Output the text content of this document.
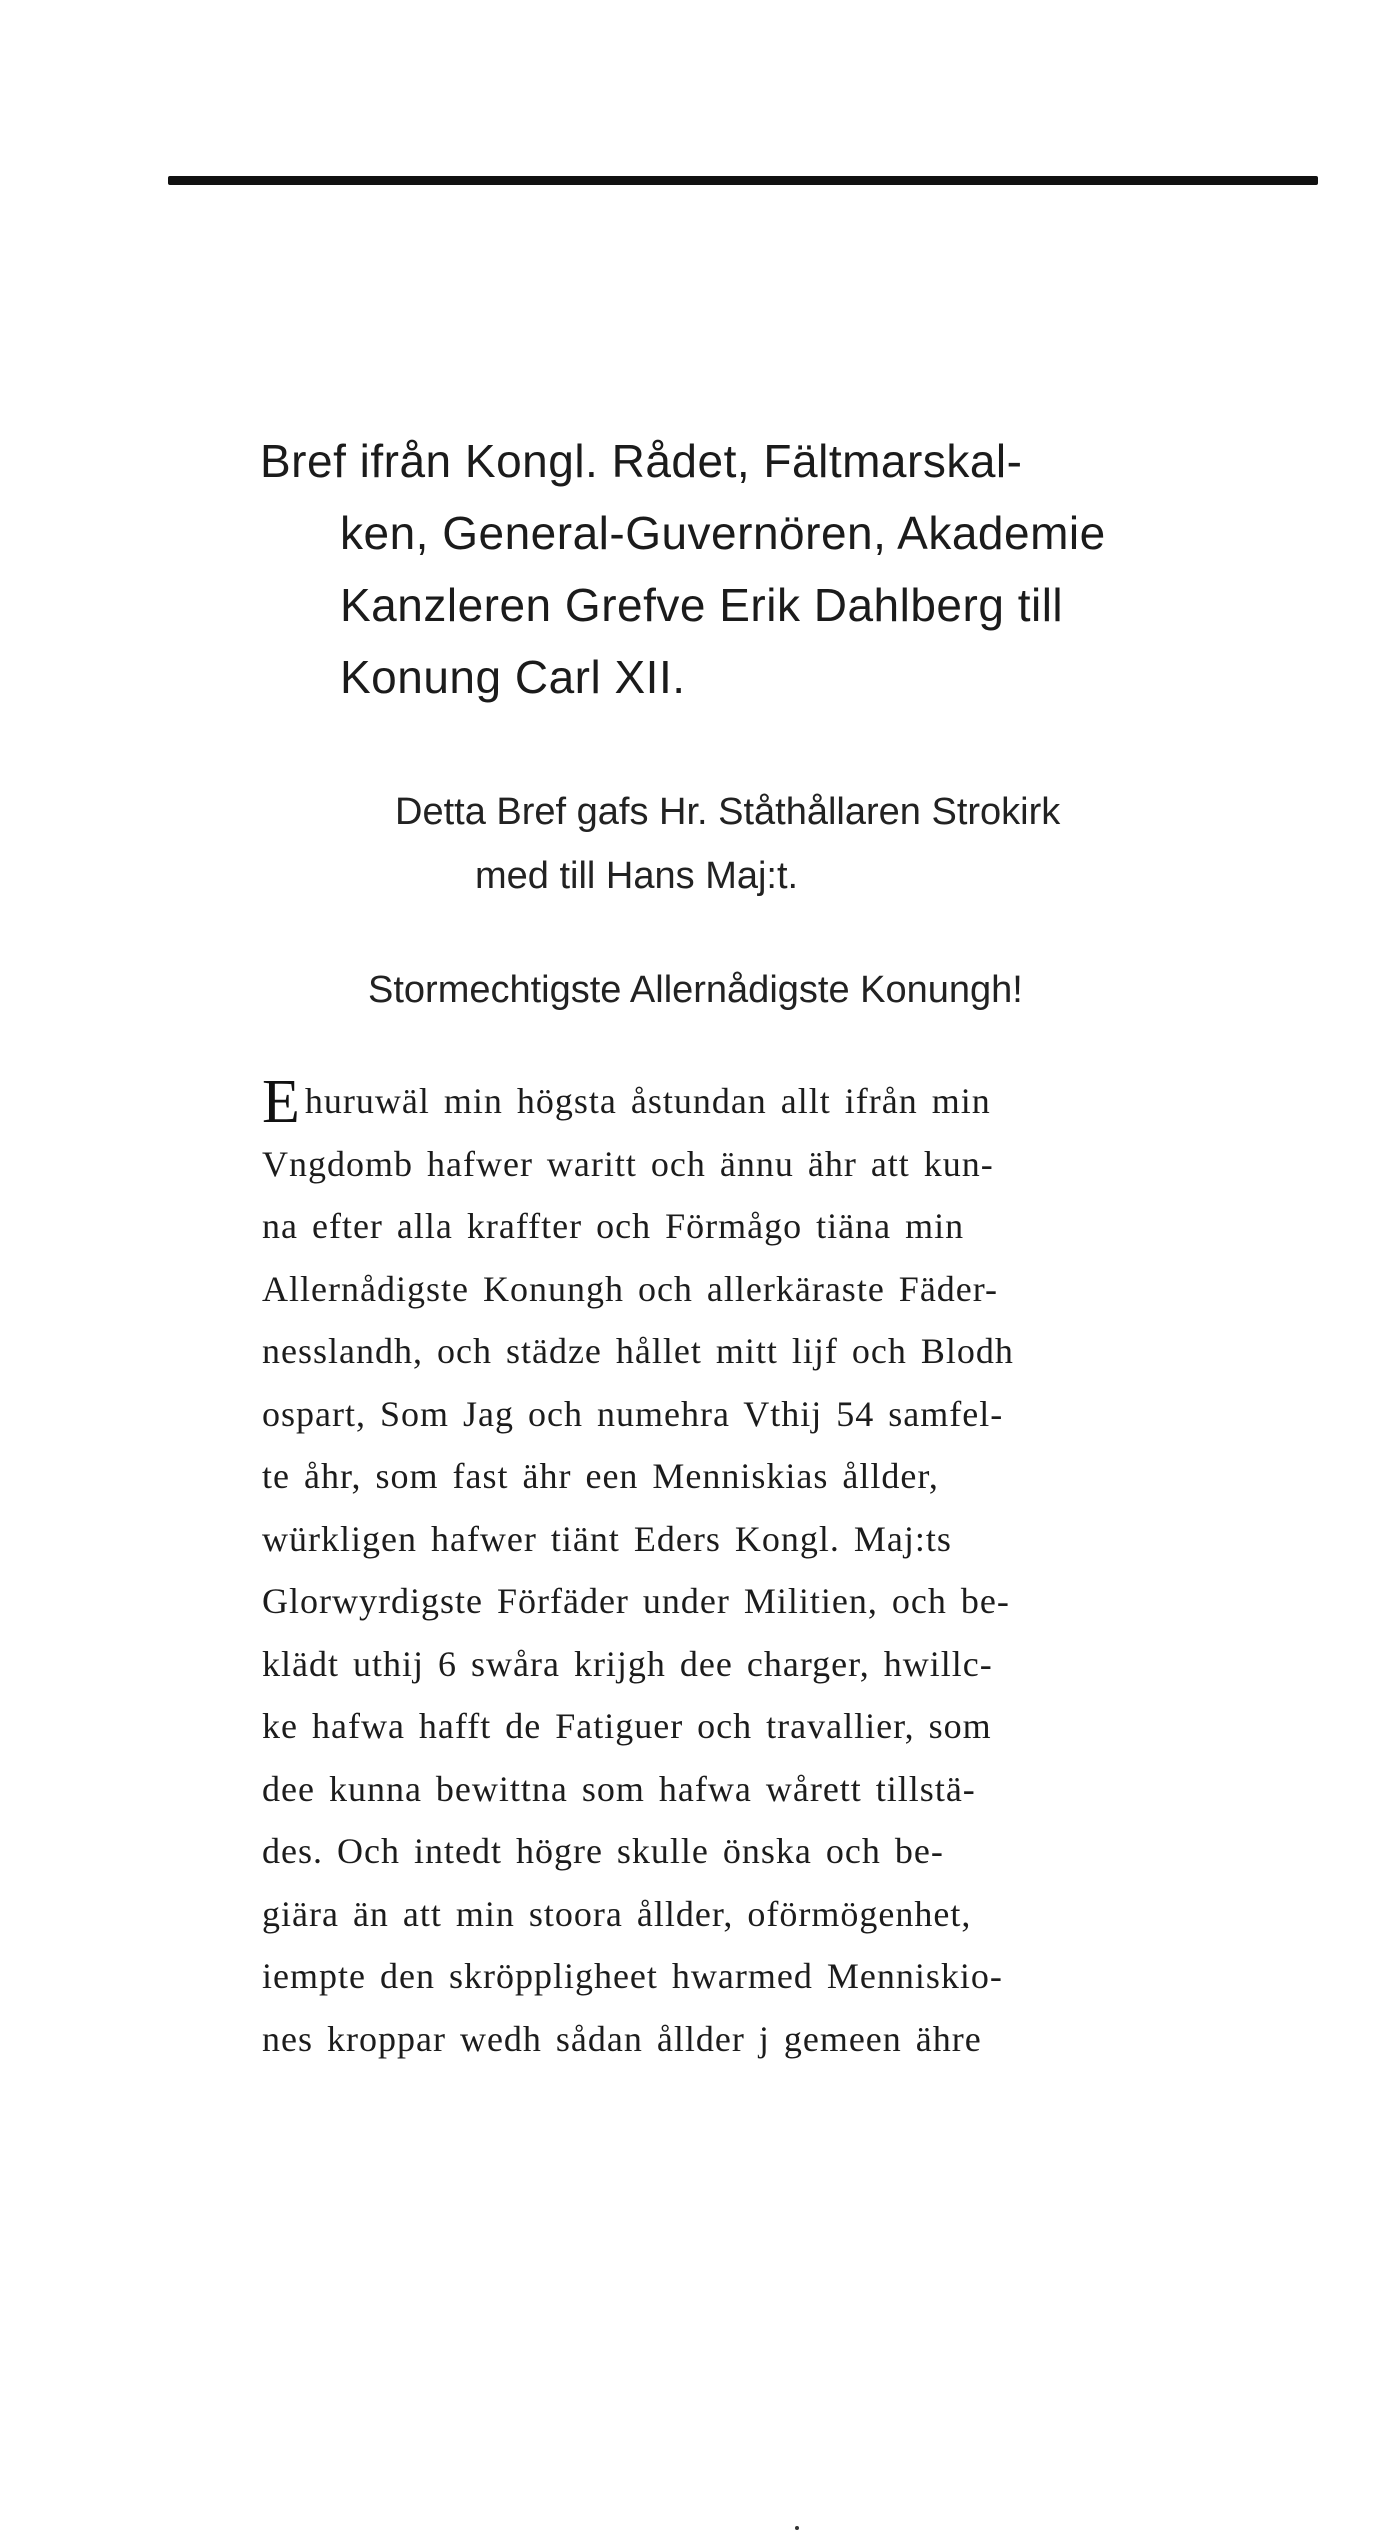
Bref ifrån Kongl. Rådet, Fältmarskal-
ken, General-Guvernören, Akademie
Kanzleren Grefve Erik Dahlberg till
Konung Carl XII.
Detta Bref gafs Hr. Ståthållaren Strokirk
med till Hans Maj:t.
Stormechtigste Allernådigste Konungh!
E huruwäl min högsta åstundan allt ifrån min
Vngdomb hafwer waritt och ännu ähr att kun-
na efter alla kraffter och Förmågo tiäna min
Allernådigste Konungh och allerkäraste Fäder-
nesslandh, och städze hållet mitt lijf och Blodh
ospart, Som Jag och numehra Vthij 54 samfel-
te åhr, som fast ähr een Menniskias ållder,
würkligen hafwer tiänt Eders Kongl. Maj:ts
Glorwyrdigste Förfäder under Militien, och be-
klädt uthij 6 swåra krijgh dee charger, hwillc-
ke hafwa hafft de Fatiguer och travallier, som
dee kunna bewittna som hafwa wårett tillstä-
des. Och intedt högre skulle önska och be-
giära än att min stoora ållder, oförmögenhet,
iempte den skröppligheet hwarmed Menniskio-
nes kroppar wedh sådan ållder j gemeen ähre
